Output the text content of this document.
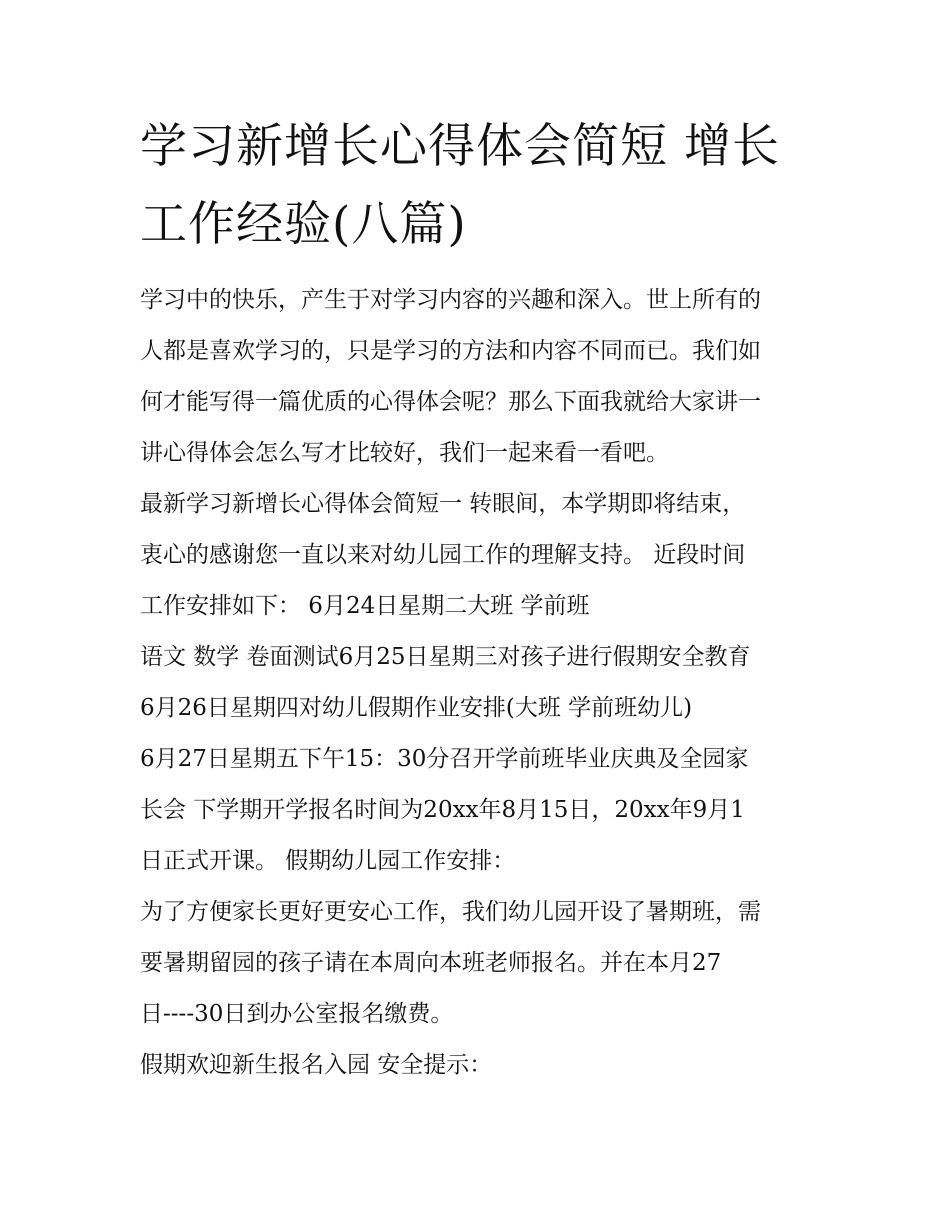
学习新增长心得体会简短 增长
工作经验(八篇)
学习中的快乐，产生于对学习内容的兴趣和深入。世上所有的
人都是喜欢学习的，只是学习的方法和内容不同而已。我们如
何才能写得一篇优质的心得体会呢？那么下面我就给大家讲一
讲心得体会怎么写才比较好，我们一起来看一看吧。
最新学习新增长心得体会简短一 转眼间，本学期即将结束，
衷心的感谢您一直以来对幼儿园工作的理解支持。 近段时间
工作安排如下： 6月24日星期二大班 学前班
语文 数学 卷面测试6月25日星期三对孩子进行假期安全教育
6月26日星期四对幼儿假期作业安排(大班 学前班幼儿)
6月27日星期五下午15：30分召开学前班毕业庆典及全园家
长会 下学期开学报名时间为20xx年8月15日，20xx年9月1
日正式开课。 假期幼儿园工作安排：
为了方便家长更好更安心工作，我们幼儿园开设了暑期班，需
要暑期留园的孩子请在本周向本班老师报名。并在本月27
日----30日到办公室报名缴费。
假期欢迎新生报名入园 安全提示：
